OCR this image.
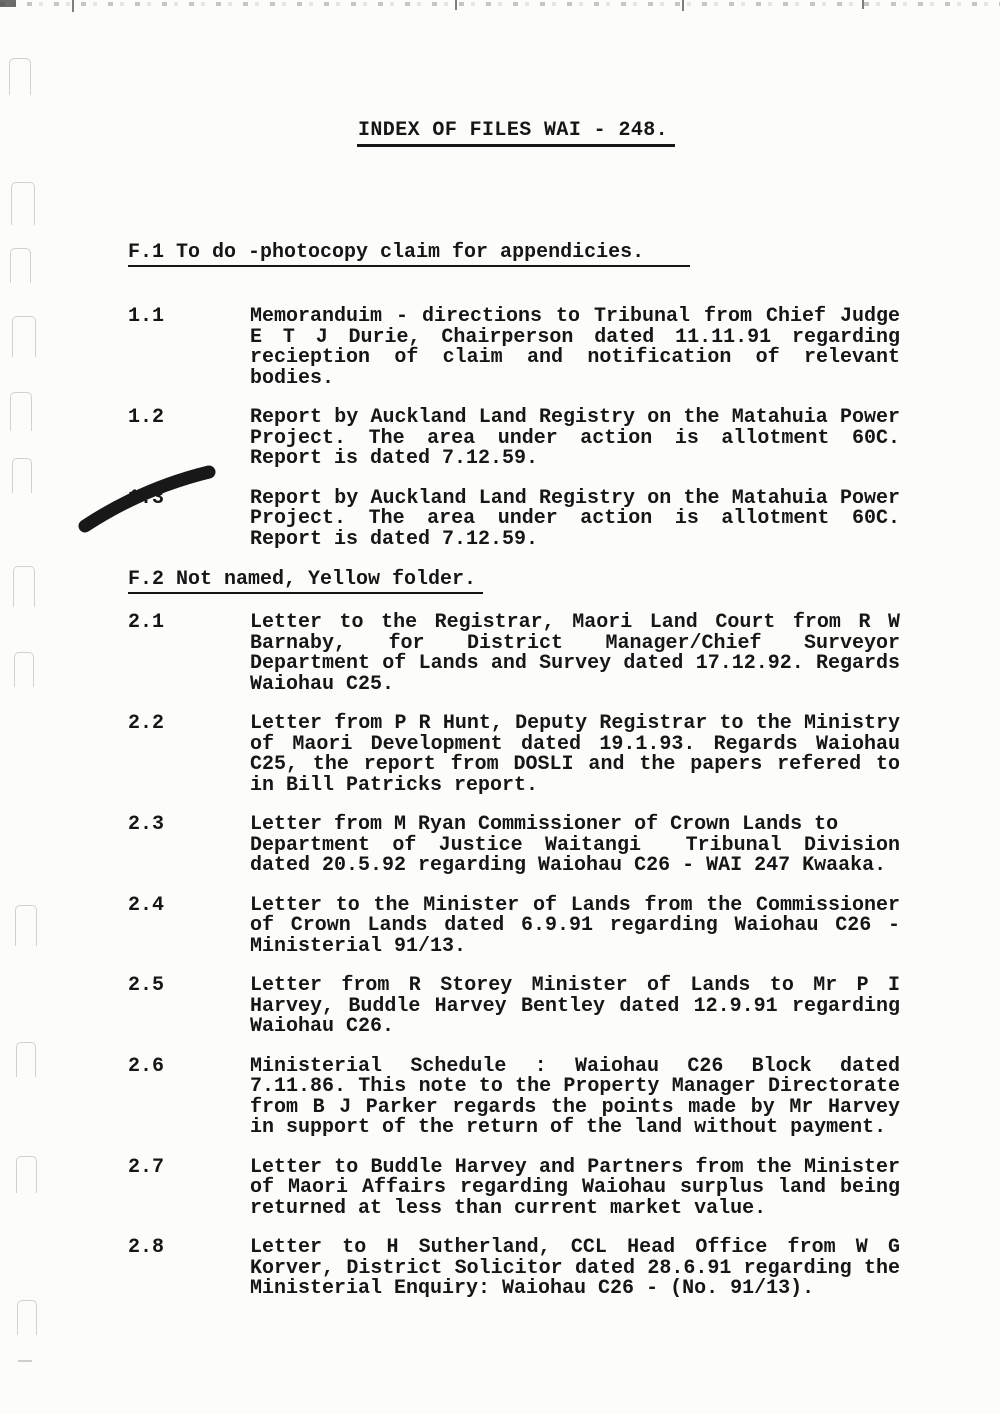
INDEX OF FILES WAI - 248.
F.1 To do -photocopy claim for appendicies.
1.1	Memoranduim - directions to Tribunal from Chief Judge
E T J Durie, Chairperson dated 11.11.91 regarding
recieption of claim and notification of relevant
bodies.
1.2	Report by Auckland Land Registry on the Matahuia Power
Project. The area under action is allotment 60C.
Report is dated 7.12.59.
1.3	Report by Auckland Land Registry on the Matahuia Power
Project. The area under action is allotment 60C.
Report is dated 7.12.59.
F.2 Not named, Yellow folder.
2.1	Letter to the Registrar, Maori Land Court from R W
Barnaby, for District Manager/Chief Surveyor
Department of Lands and Survey dated 17.12.92. Regards
Waiohau C25.
2.2	Letter from P R Hunt, Deputy Registrar to the Ministry
of Maori Development dated 19.1.93. Regards Waiohau
C25, the report from DOSLI and the papers refered to
in Bill Patricks report.
2.3	Letter from M Ryan Commissioner of Crown Lands to
Department of Justice Waitangi  Tribunal Division
dated 20.5.92 regarding Waiohau C26 - WAI 247 Kwaaka.
2.4	Letter to the Minister of Lands from the Commissioner
of Crown Lands dated 6.9.91 regarding Waiohau C26 -
Ministerial 91/13.
2.5	Letter from R Storey Minister of Lands to Mr P I
Harvey, Buddle Harvey Bentley dated 12.9.91 regarding
Waiohau C26.
2.6	Ministerial Schedule : Waiohau C26 Block dated
7.11.86. This note to the Property Manager Directorate
from B J Parker regards the points made by Mr Harvey
in support of the return of the land without payment.
2.7	Letter to Buddle Harvey and Partners from the Minister
of Maori Affairs regarding Waiohau surplus land being
returned at less than current market value.
2.8	Letter to H Sutherland, CCL Head Office from W G
Korver, District Solicitor dated 28.6.91 regarding the
Ministerial Enquiry: Waiohau C26 - (No. 91/13).
